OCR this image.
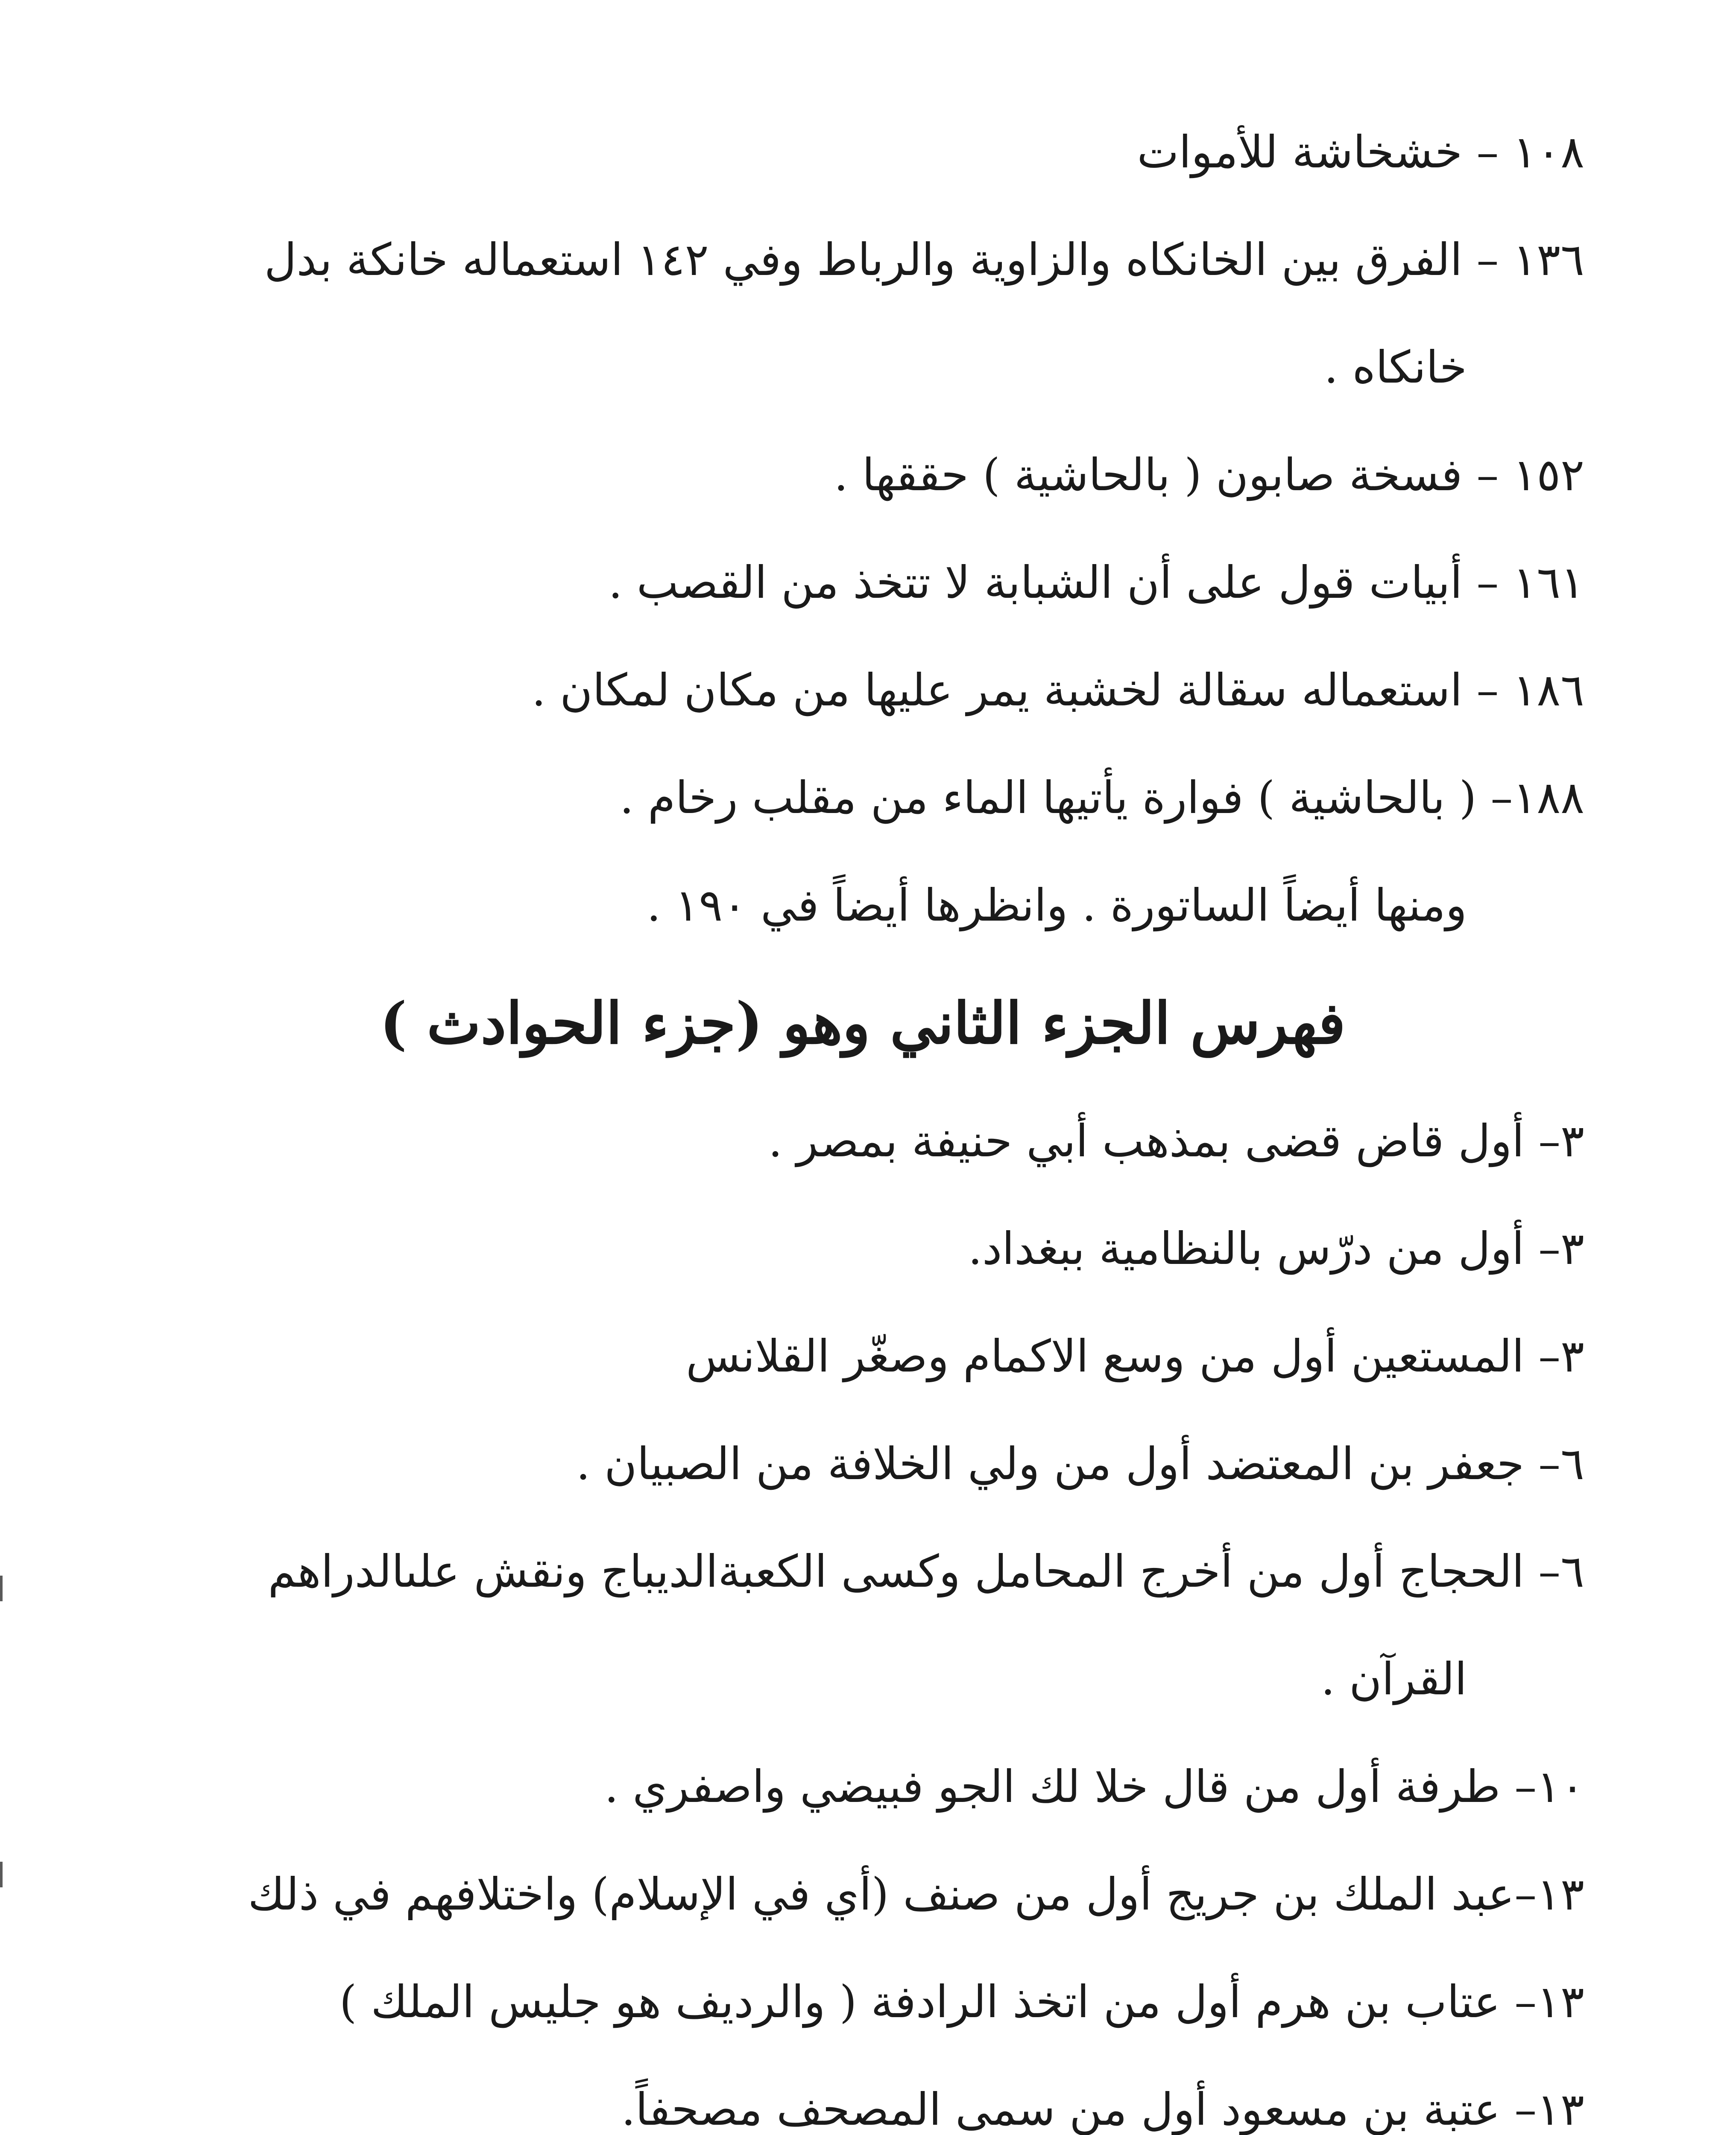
١٠٨ – خشخاشة للأموات
١٣٦ – الفرق بين الخانكاه والزاوية والرباط وفي ١٤٢ استعماله خانكة بدل
خانكاه .
١٥٢ – فسخة صابون ( بالحاشية ) حققها .
١٦١ – أبيات قول على أن الشبابة لا تتخذ من القصب .
١٨٦ – استعماله سقالة لخشبة يمر عليها من مكان لمكان .
١٨٨– ( بالحاشية ) فوارة يأتيها الماء من مقلب رخام .
ومنها أيضاً الساتورة . وانظرها أيضاً في ١٩٠ .
فهرس الجزء الثاني وهو (جزء الحوادث )
٣– أول قاض قضى بمذهب أبي حنيفة بمصر .
٣– أول من درّس بالنظامية ببغداد.
٣– المستعين أول من وسع الاكمام وصغّر القلانس
٦– جعفر بن المعتضد أول من ولي الخلافة من الصبيان .
٦– الحجاج أول من أخرج المحامل وكسى الكعبةالديباج ونقش علىالدراهم
القرآن .
١٠– طرفة أول من قال خلا لك الجو فبيضي واصفري .
١٣–عبد الملك بن جريج أول من صنف (أي في الإسلام) واختلافهم في ذلك
١٣– عتاب بن هرم أول من اتخذ الرادفة ( والرديف هو جليس الملك )
١٣– عتبة بن مسعود أول من سمى المصحف مصحفاً.
